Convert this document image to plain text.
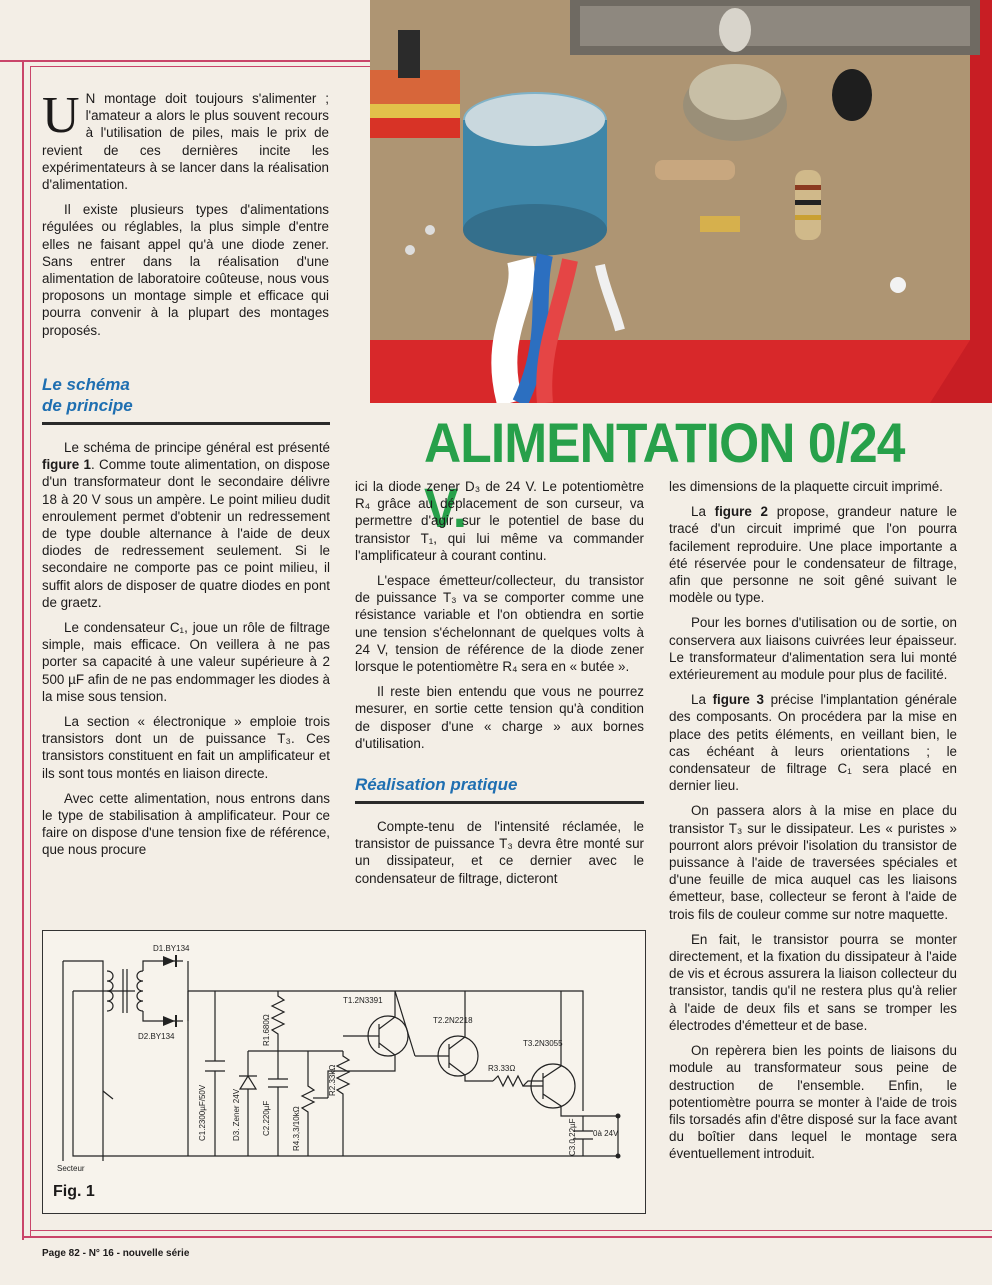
U N montage doit toujours s'alimenter ; l'amateur a alors le plus souvent recours à l'utilisation de piles, mais le prix de revient de ces dernières incite les expérimentateurs à se lancer dans la réalisation d'alimentation.

Il existe plusieurs types d'alimentations régulées ou réglables, la plus simple d'entre elles ne faisant appel qu'à une diode zener. Sans entrer dans la réalisation d'une alimentation de laboratoire coûteuse, nous vous proposons un montage simple et efficace qui pourra convenir à la plupart des montages proposés.

Le schéma
de principe

Le schéma de principe général est présenté figure 1. Comme toute alimentation, on dispose d'un transformateur dont le secondaire délivre 18 à 20 V sous un ampère. Le point milieu dudit enroulement permet d'obtenir un redressement de type double alternance à l'aide de deux diodes de redressement seulement. Si le secondaire ne comporte pas ce point milieu, il suffit alors de disposer de quatre diodes en pont de graetz.

Le condensateur C₁, joue un rôle de filtrage simple, mais efficace. On veillera à ne pas porter sa capacité à une valeur supérieure à 2 500 µF afin de ne pas endommager les diodes à la mise sous tension.

La section « électronique » emploie trois transistors dont un de puissance T₃. Ces transistors constituent en fait un amplificateur et ils sont tous montés en liaison directe.

Avec cette alimentation, nous entrons dans le type de stabilisation à amplificateur. Pour ce faire on dispose d'une tension fixe de référence, que nous procure

ALIMENTATION 0/24 V.

ici la diode zener D₃ de 24 V. Le potentiomètre R₄ grâce au déplacement de son curseur, va permettre d'agir sur le potentiel de base du transistor T₁, qui lui même va commander l'amplificateur à courant continu.

L'espace émetteur/collecteur, du transistor de puissance T₃ va se comporter comme une résistance variable et l'on obtiendra en sortie une tension s'échelonnant de quelques volts à 24 V, tension de référence de la diode zener lorsque le potentiomètre R₄ sera en « butée ».

Il reste bien entendu que vous ne pourrez mesurer, en sortie cette tension qu'à condition de disposer d'une « charge » aux bornes d'utilisation.

Réalisation pratique

Compte-tenu de l'intensité réclamée, le transistor de puissance T₃ devra être monté sur un dissipateur, et ce dernier avec le condensateur de filtrage, dicteront

les dimensions de la plaquette circuit imprimé.

La figure 2 propose, grandeur nature le tracé d'un circuit imprimé que l'on pourra facilement reproduire. Une place importante a été réservée pour le condensateur de filtrage, afin que personne ne soit gêné suivant le modèle ou type.

Pour les bornes d'utilisation ou de sortie, on conservera aux liaisons cuivrées leur épaisseur. Le transformateur d'alimentation sera lui monté extérieurement au module pour plus de facilité.

La figure 3 précise l'implantation générale des composants. On procédera par la mise en place des petits éléments, en veillant bien, le cas échéant à leurs orientations ; le condensateur de filtrage C₁ sera placé en dernier lieu.

On passera alors à la mise en place du transistor T₃ sur le dissipateur. Les « puristes » pourront alors prévoir l'isolation du transistor de puissance à l'aide de traversées spéciales et d'une feuille de mica auquel cas les liaisons émetteur, base, collecteur se feront à l'aide de trois fils de couleur comme sur notre maquette.

En fait, le transistor pourra se monter directement, et la fixation du dissipateur à l'aide de vis et écrous assurera la liaison collecteur du transistor, tandis qu'il ne restera plus qu'à relier à l'aide de deux fils et sans se tromper les électrodes d'émetteur et de base.

On repèrera bien les points de liaisons du module au transformateur sous peine de destruction de l'ensemble. Enfin, le potentiomètre pourra se monter à l'aide de trois fils torsadés afin d'être disposé sur la face avant du boîtier dans lequel le montage sera éventuellement introduit.

D1.BY134
D2.BY134
T1.2N3391
T2.2N2218
T3.2N3055
R3.33Ω
0à 24V
Secteur
C1.2300µF/50V	D3. Zener 24V	C2.220µF
R1.680Ω
R4.3,3/10kΩ
R2.33kΩ
C3.0,22µF
Fig. 1
Page 82 - N° 16 - nouvelle série
